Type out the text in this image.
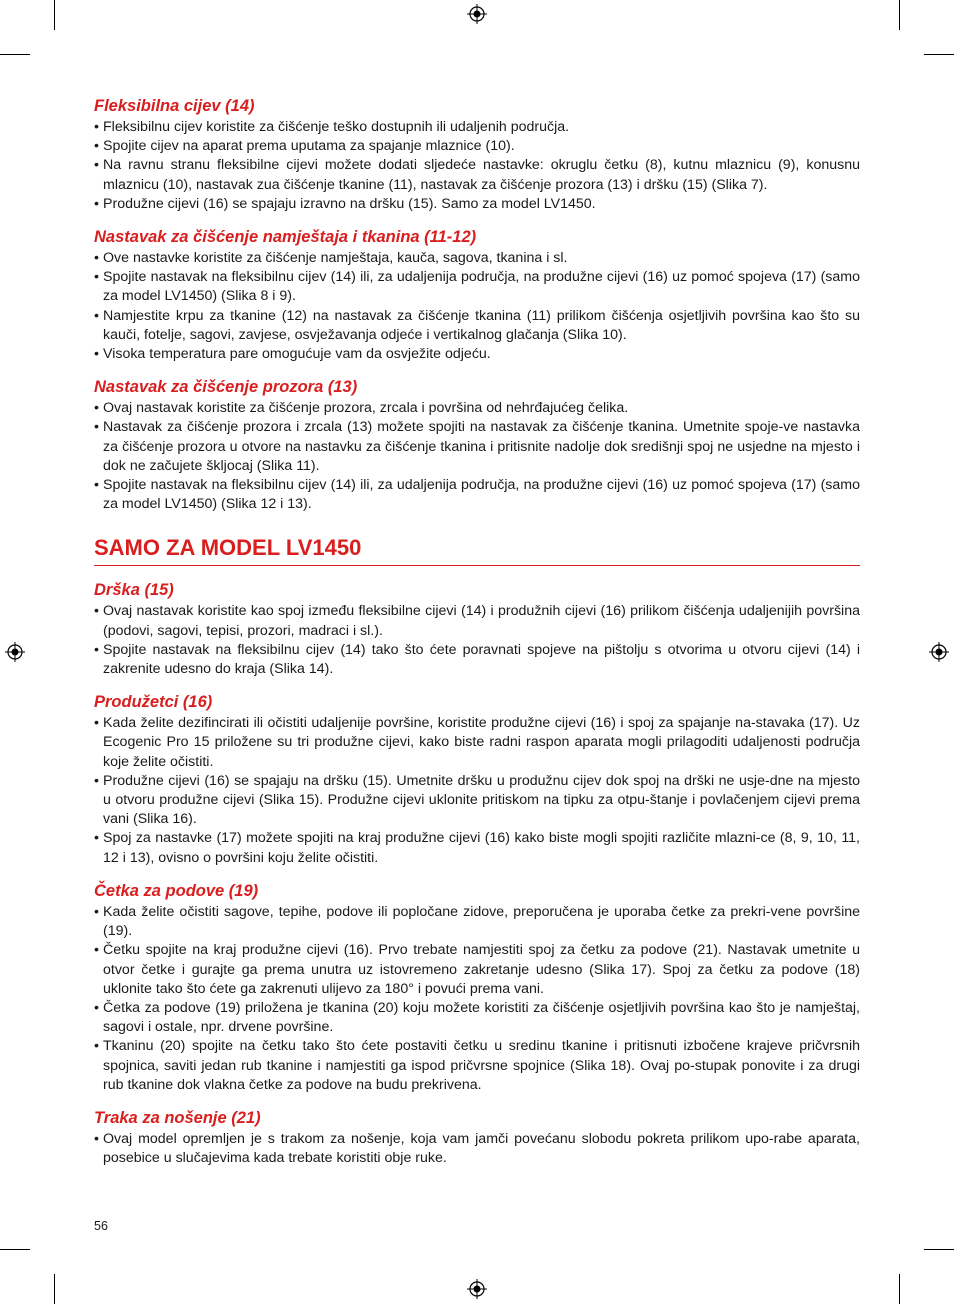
Fleksibilna cijev (14)
• Fleksibilnu cijev koristite za čišćenje teško dostupnih ili udaljenih područja.
• Spojite cijev na aparat prema uputama za spajanje mlaznice (10).
• Na ravnu stranu fleksibilne cijevi možete dodati sljedeće nastavke: okruglu četku (8), kutnu mlaznicu (9), konusnu mlaznicu (10), nastavak zua čišćenje tkanine (11), nastavak za čišćenje prozora (13) i dršku (15) (Slika 7).
• Produžne cijevi (16) se spajaju izravno na dršku (15). Samo za model LV1450.
Nastavak za čišćenje namještaja i tkanina (11-12)
• Ove nastavke koristite za čišćenje namještaja, kauča, sagova, tkanina i sl.
• Spojite nastavak na fleksibilnu cijev (14) ili, za udaljenija područja, na produžne cijevi (16) uz pomoć spojeva (17) (samo za model LV1450) (Slika 8 i 9).
• Namjestite krpu za tkanine (12) na nastavak za čišćenje tkanina (11) prilikom čišćenja osjetljivih površina kao što su kauči, fotelje, sagovi, zavjese, osvježavanja odjeće i vertikalnog glačanja (Slika 10).
• Visoka temperatura pare omogućuje vam da osvježite odjeću.
Nastavak za čišćenje prozora (13)
• Ovaj nastavak koristite za čišćenje prozora, zrcala i površina od nehrđajućeg čelika.
• Nastavak za čišćenje prozora i zrcala (13) možete spojiti na nastavak za čišćenje tkanina. Umetnite spoje-ve nastavka za čišćenje prozora u otvore na nastavku za čišćenje tkanina i pritisnite nadolje dok središnji spoj ne usjedne na mjesto i dok ne začujete škljocaj (Slika 11).
• Spojite nastavak na fleksibilnu cijev (14) ili, za udaljenija područja, na produžne cijevi (16) uz pomoć spojeva (17) (samo za model LV1450) (Slika 12 i 13).
SAMO ZA MODEL LV1450
Drška (15)
• Ovaj nastavak koristite kao spoj između fleksibilne cijevi (14) i produžnih cijevi (16) prilikom čišćenja udaljenijih površina (podovi, sagovi, tepisi, prozori, madraci i sl.).
• Spojite nastavak na fleksibilnu cijev (14) tako što ćete poravnati spojeve na pištolju s otvorima u otvoru cijevi (14) i zakrenite udesno do kraja (Slika 14).
Produžetci (16)
• Kada želite dezifincirati ili očistiti udaljenije površine, koristite produžne cijevi (16) i spoj za spajanje na-stavaka (17). Uz Ecogenic Pro 15 priložene su tri produžne cijevi, kako biste radni raspon aparata mogli prilagoditi udaljenosti područja koje želite očistiti.
• Produžne cijevi (16) se spajaju na dršku (15). Umetnite dršku u produžnu cijev dok spoj na drški ne usje-dne na mjesto u otvoru produžne cijevi (Slika 15). Produžne cijevi uklonite pritiskom na tipku za otpu-štanje i povlačenjem cijevi prema vani (Slika 16).
• Spoj za nastavke (17) možete spojiti na kraj produžne cijevi (16) kako biste mogli spojiti različite mlazni-ce (8, 9, 10, 11, 12 i 13), ovisno o površini koju želite očistiti.
Četka za podove (19)
• Kada želite očistiti sagove, tepihe, podove ili popločane zidove, preporučena je uporaba četke za prekri-vene površine (19).
• Četku spojite na kraj produžne cijevi (16). Prvo trebate namjestiti spoj za četku za podove (21). Nastavak umetnite u otvor četke i gurajte ga prema unutra uz istovremeno zakretanje udesno (Slika 17). Spoj za četku za podove (18) uklonite tako što ćete ga zakrenuti ulijevo za 180° i povući prema vani.
• Četka za podove (19) priložena je tkanina (20) koju možete koristiti za čišćenje osjetljivih površina kao što je namještaj, sagovi i ostale, npr. drvene površine.
• Tkaninu (20) spojite na četku tako što ćete postaviti četku u sredinu tkanine i pritisnuti izbočene krajeve pričvrsnih spojnica, saviti jedan rub tkanine i namjestiti ga ispod pričvrsne spojnice (Slika 18). Ovaj po-stupak ponovite i za drugi rub tkanine dok vlakna četke za podove na budu prekrivena.
Traka za nošenje (21)
• Ovaj model opremljen je s trakom za nošenje, koja vam jamči povećanu slobodu pokreta prilikom upo-rabe aparata, posebice u slučajevima kada trebate koristiti obje ruke.
56
